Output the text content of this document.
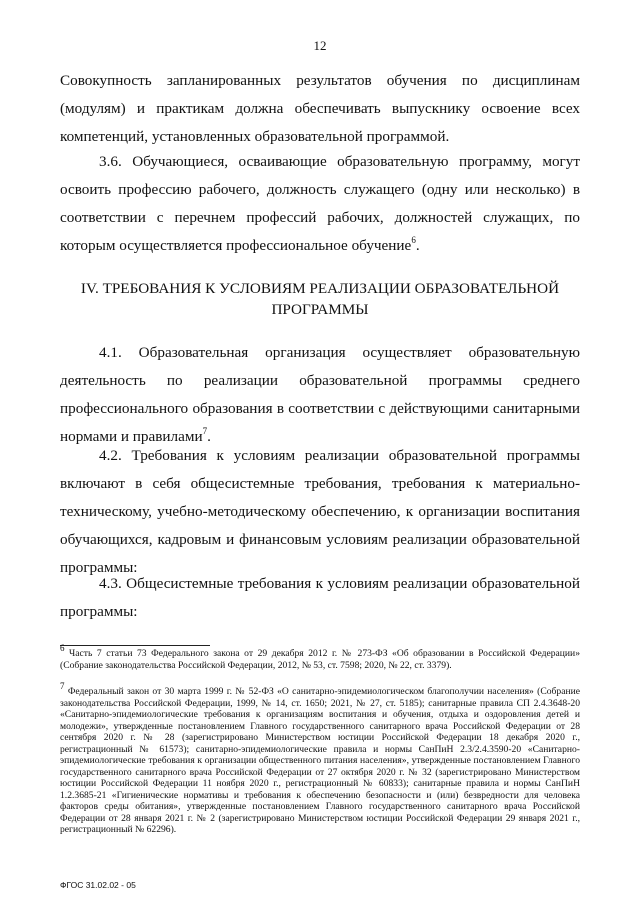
12

Совокупность запланированных результатов обучения по дисциплинам (модулям) и практикам должна обеспечивать выпускнику освоение всех компетенций, установленных образовательной программой.

3.6. Обучающиеся, осваивающие образовательную программу, могут освоить профессию рабочего, должность служащего (одну или несколько) в соответствии с перечнем профессий рабочих, должностей служащих, по которым осуществляется профессиональное обучение$^6$.

IV. ТРЕБОВАНИЯ К УСЛОВИЯМ РЕАЛИЗАЦИИ ОБРАЗОВАТЕЛЬНОЙ ПРОГРАММЫ

4.1. Образовательная организация осуществляет образовательную деятельность по реализации образовательной программы среднего профессионального образования в соответствии с действующими санитарными нормами и правилами$^7$.

4.2. Требования к условиям реализации образовательной программы включают в себя общесистемные требования, требования к материально-техническому, учебно-методическому обеспечению, к организации воспитания обучающихся, кадровым и финансовым условиям реализации образовательной программы:

4.3. Общесистемные требования к условиям реализации образовательной программы:

$^6$ Часть 7 статьи 73 Федерального закона от 29 декабря 2012 г. № 273-ФЗ «Об образовании в Российской Федерации» (Собрание законодательства Российской Федерации, 2012, № 53, ст. 7598; 2020, № 22, ст. 3379).

$^7$ Федеральный закон от 30 марта 1999 г. № 52-ФЗ «О санитарно-эпидемиологическом благополучии населения» (Собрание законодательства Российской Федерации, 1999, № 14, ст. 1650; 2021, № 27, ст. 5185); санитарные правила СП 2.4.3648-20 «Санитарно-эпидемиологические требования к организациям воспитания и обучения, отдыха и оздоровления детей и молодежи», утвержденные постановлением Главного государственного санитарного врача Российской Федерации от 28 сентября 2020 г. № 28 (зарегистрировано Министерством юстиции Российской Федерации 18 декабря 2020 г., регистрационный № 61573); санитарно-эпидемиологические правила и нормы СанПиН 2.3/2.4.3590-20 «Санитарно-эпидемиологические требования к организации общественного питания населения», утвержденные постановлением Главного государственного санитарного врача Российской Федерации от 27 октября 2020 г. № 32 (зарегистрировано Министерством юстиции Российской Федерации 11 ноября 2020 г., регистрационный № 60833); санитарные правила и нормы СанПиН 1.2.3685-21 «Гигиенические нормативы и требования к обеспечению безопасности и (или) безвредности для человека факторов среды обитания», утвержденные постановлением Главного государственного санитарного врача Российской Федерации от 28 января 2021 г. № 2 (зарегистрировано Министерством юстиции Российской Федерации 29 января 2021 г., регистрационный № 62296).

ФГОС 31.02.02 - 05
